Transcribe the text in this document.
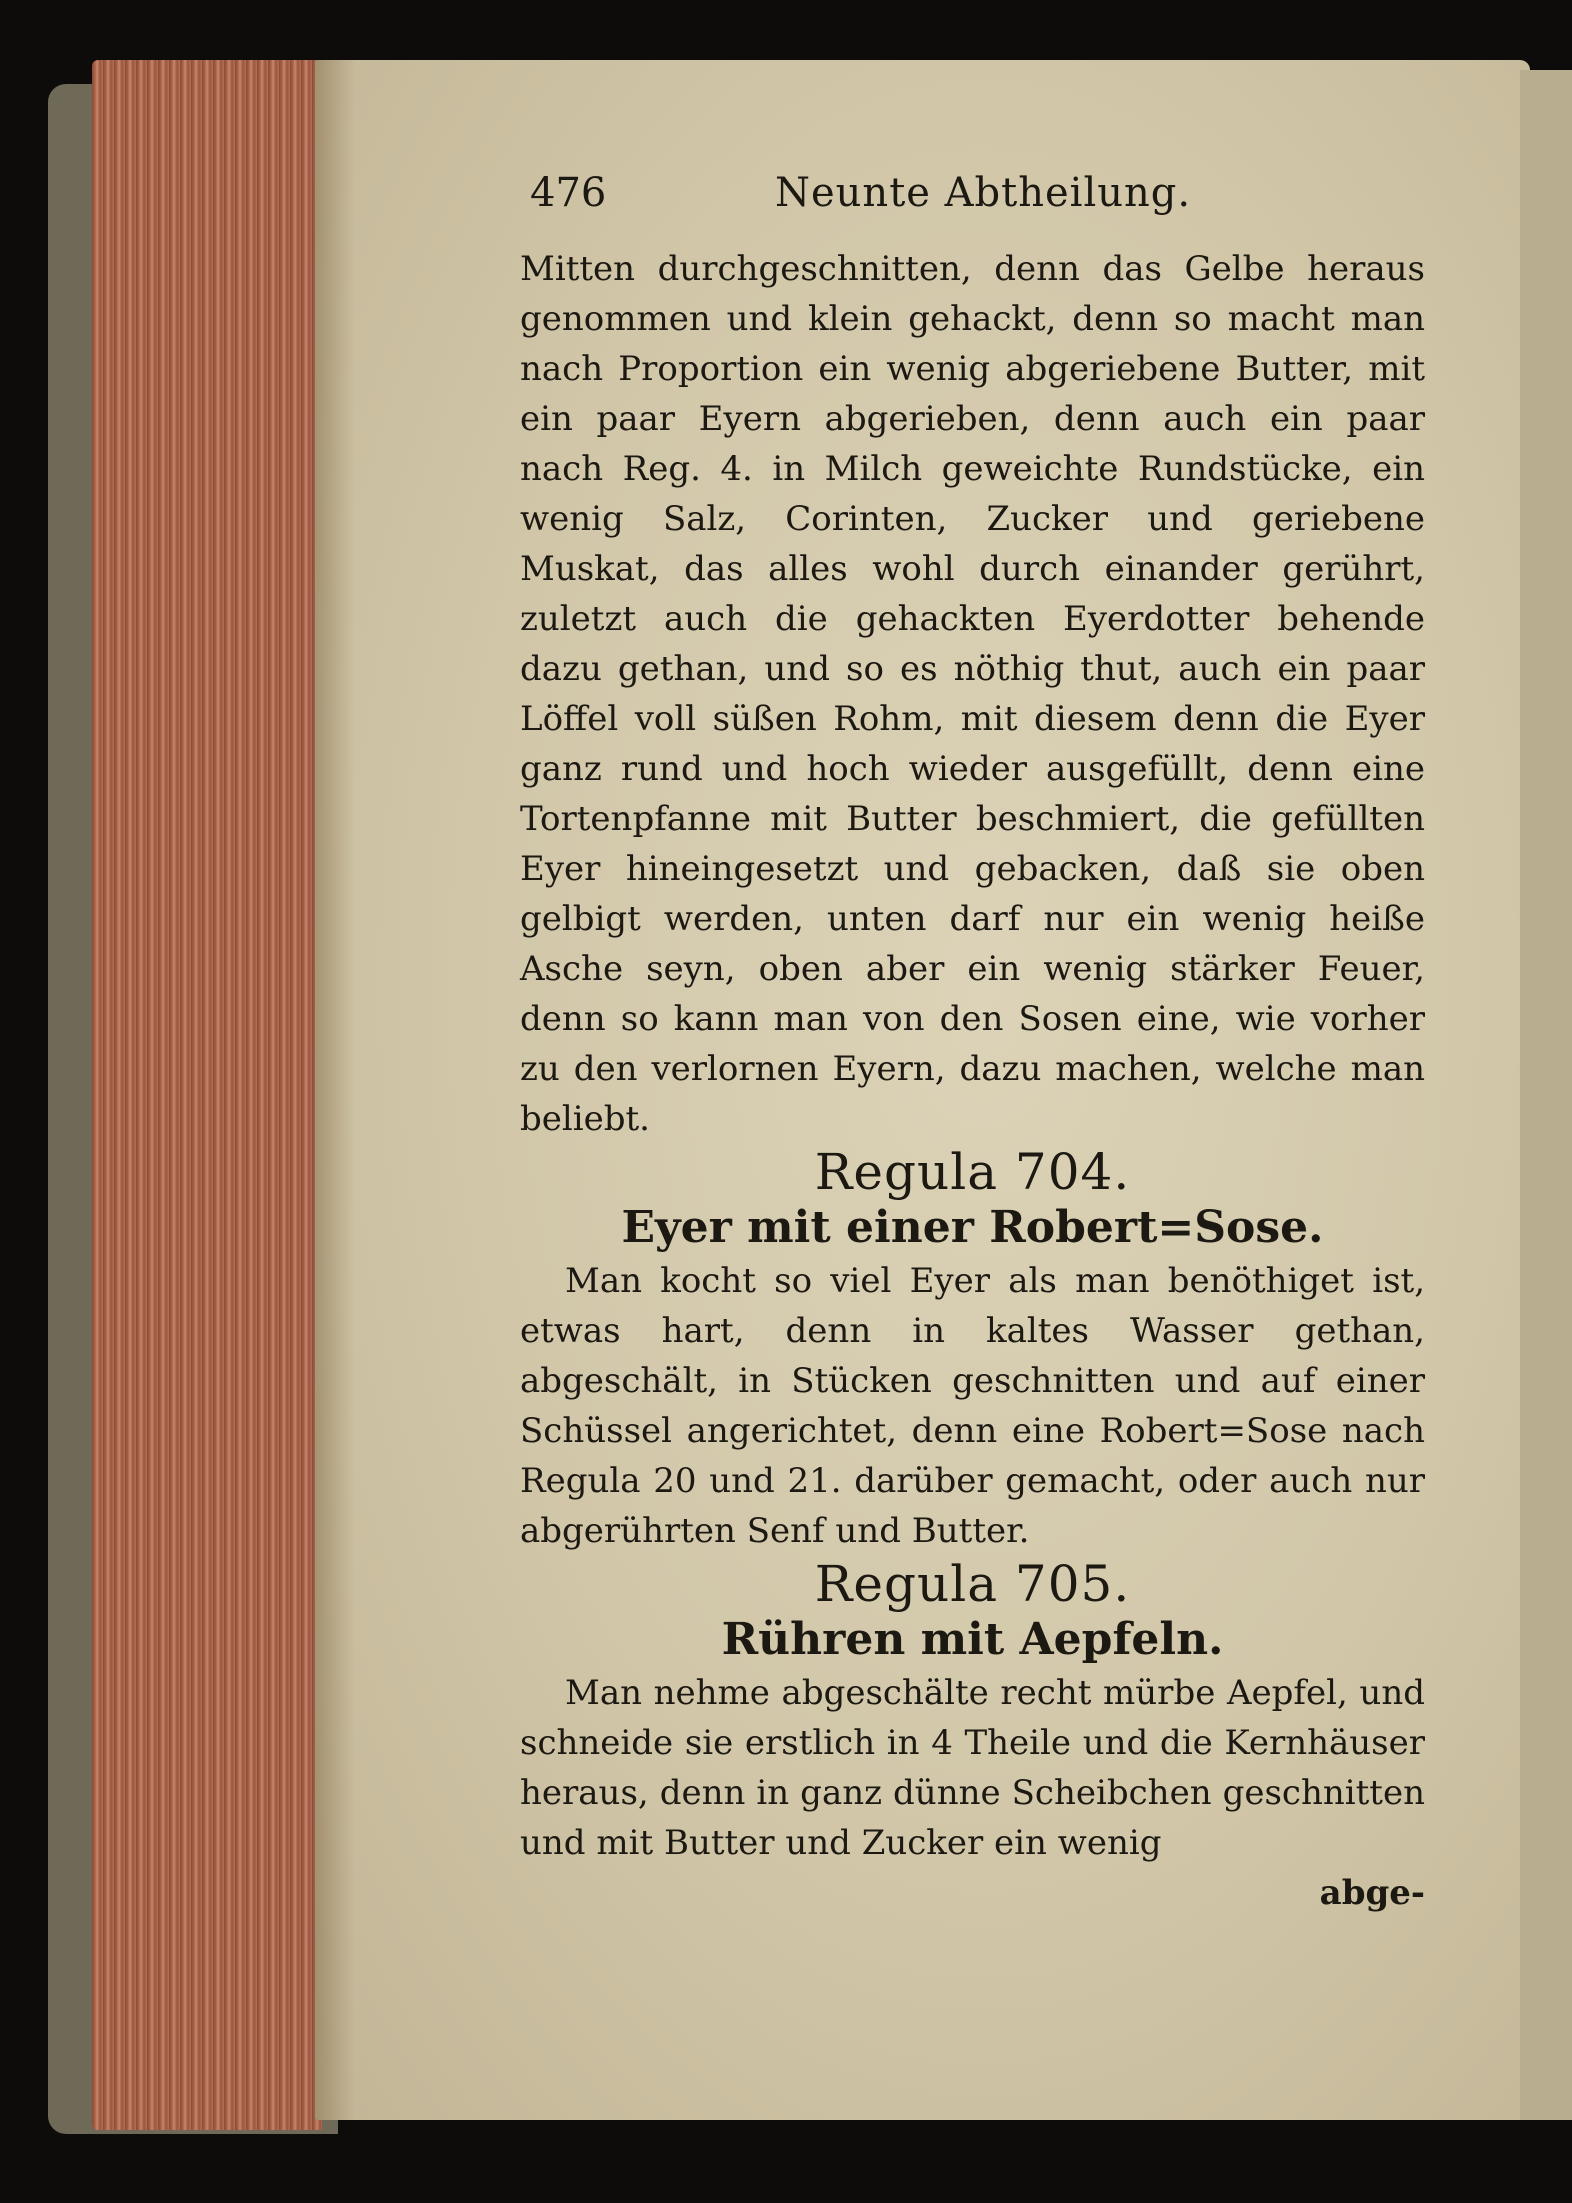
476	Neunte Abtheilung.

Mitten durchgeschnitten, denn das Gelbe heraus genommen und klein gehackt, denn so macht man nach Proportion ein wenig abgeriebene Butter, mit ein paar Eyern abgerieben, denn auch ein paar nach Reg. 4. in Milch geweichte Rundstücke, ein wenig Salz, Corinten, Zucker und geriebene Muskat, das alles wohl durch einander gerührt, zuletzt auch die gehackten Eyerdotter behende dazu gethan, und so es nöthig thut, auch ein paar Löffel voll süßen Rohm, mit diesem denn die Eyer ganz rund und hoch wieder ausgefüllt, denn eine Tortenpfanne mit Butter beschmiert, die gefüllten Eyer hineingesetzt und gebacken, daß sie oben gelbigt werden, unten darf nur ein wenig heiße Asche seyn, oben aber ein wenig stärker Feuer, denn so kann man von den Sosen eine, wie vorher zu den verlornen Eyern, dazu machen, welche man beliebt.

Regula 704.

Eyer mit einer Robert=Sose.

Man kocht so viel Eyer als man benöthiget ist, etwas hart, denn in kaltes Wasser gethan, abgeschält, in Stücken geschnitten und auf einer Schüssel angerichtet, denn eine Robert=Sose nach Regula 20 und 21. darüber gemacht, oder auch nur abgerührten Senf und Butter.

Regula 705.

Rühren mit Aepfeln.

Man nehme abgeschälte recht mürbe Aepfel, und schneide sie erstlich in 4 Theile und die Kernhäuser heraus, denn in ganz dünne Scheibchen geschnitten und mit Butter und Zucker ein wenig

abge-
